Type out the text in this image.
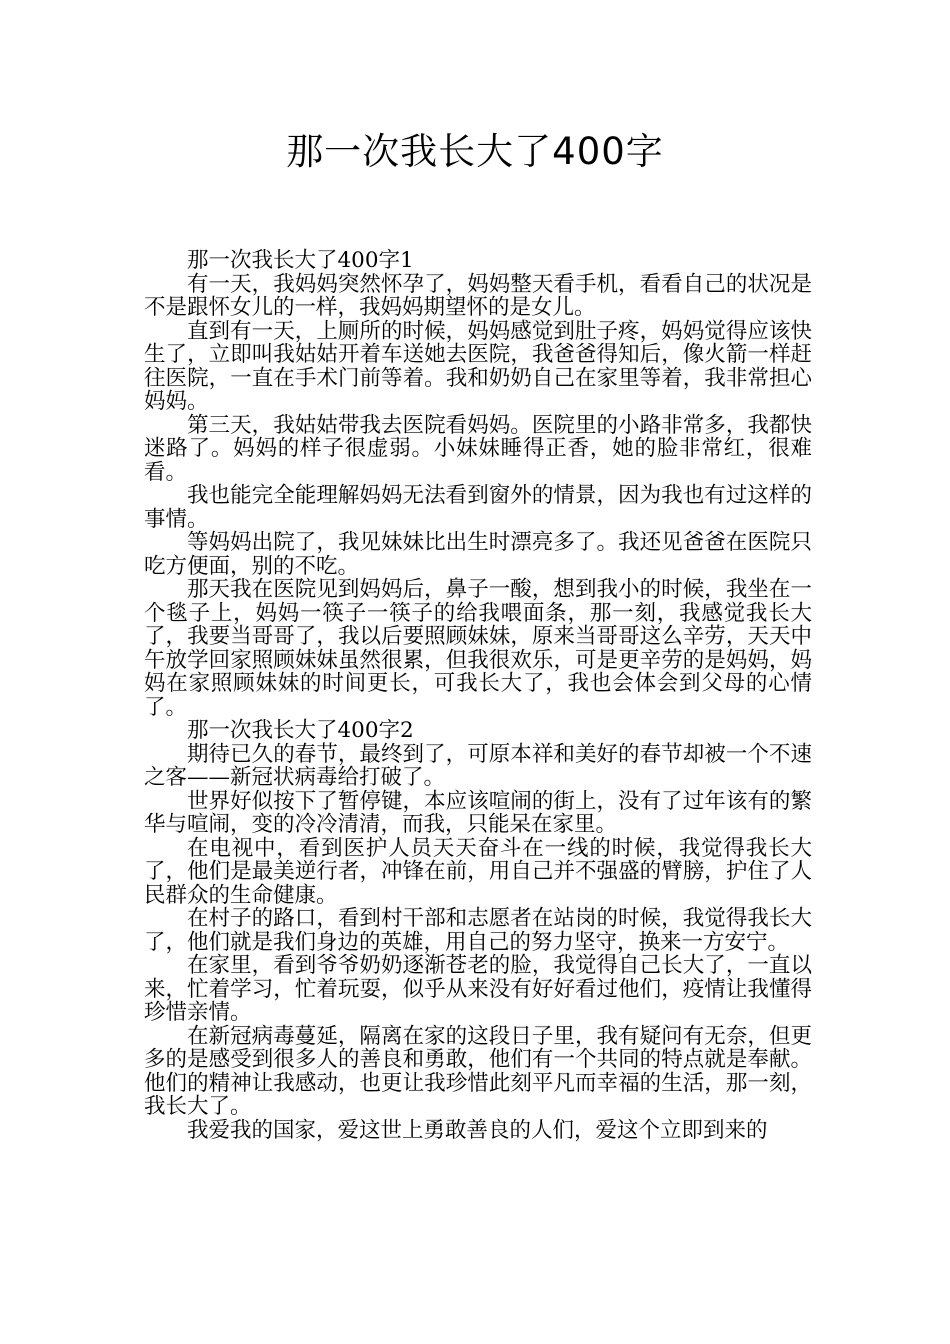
那一次我长大了400字

那一次我长大了400字1

有一天，我妈妈突然怀孕了，妈妈整天看手机，看看自己的状况是不是跟怀女儿的一样，我妈妈期望怀的是女儿。

直到有一天，上厕所的时候，妈妈感觉到肚子疼，妈妈觉得应该快生了，立即叫我姑姑开着车送她去医院，我爸爸得知后，像火箭一样赶往医院，一直在手术门前等着。我和奶奶自己在家里等着，我非常担心妈妈。

第三天，我姑姑带我去医院看妈妈。医院里的小路非常多，我都快迷路了。妈妈的样子很虚弱。小妹妹睡得正香，她的脸非常红，很难看。

我也能完全能理解妈妈无法看到窗外的情景，因为我也有过这样的事情。

等妈妈出院了，我见妹妹比出生时漂亮多了。我还见爸爸在医院只吃方便面，别的不吃。

那天我在医院见到妈妈后，鼻子一酸，想到我小的时候，我坐在一个毯子上，妈妈一筷子一筷子的给我喂面条，那一刻，我感觉我长大了，我要当哥哥了，我以后要照顾妹妹，原来当哥哥这么辛劳，天天中午放学回家照顾妹妹虽然很累，但我很欢乐，可是更辛劳的是妈妈，妈妈在家照顾妹妹的时间更长，可我长大了，我也会体会到父母的心情了。

那一次我长大了400字2

期待已久的春节，最终到了，可原本祥和美好的春节却被一个不速之客——新冠状病毒给打破了。

世界好似按下了暂停键，本应该喧闹的街上，没有了过年该有的繁华与喧闹，变的冷冷清清，而我，只能呆在家里。

在电视中，看到医护人员天天奋斗在一线的时候，我觉得我长大了，他们是最美逆行者，冲锋在前，用自己并不强盛的臂膀，护住了人民群众的生命健康。

在村子的路口，看到村干部和志愿者在站岗的时候，我觉得我长大了，他们就是我们身边的英雄，用自己的努力坚守，换来一方安宁。

在家里，看到爷爷奶奶逐渐苍老的脸，我觉得自己长大了，一直以来，忙着学习，忙着玩耍，似乎从来没有好好看过他们，疫情让我懂得珍惜亲情。

在新冠病毒蔓延，隔离在家的这段日子里，我有疑问有无奈，但更多的是感受到很多人的善良和勇敢，他们有一个共同的特点就是奉献。他们的精神让我感动，也更让我珍惜此刻平凡而幸福的生活，那一刻，我长大了。

我爱我的国家，爱这世上勇敢善良的人们，爱这个立即到来的
